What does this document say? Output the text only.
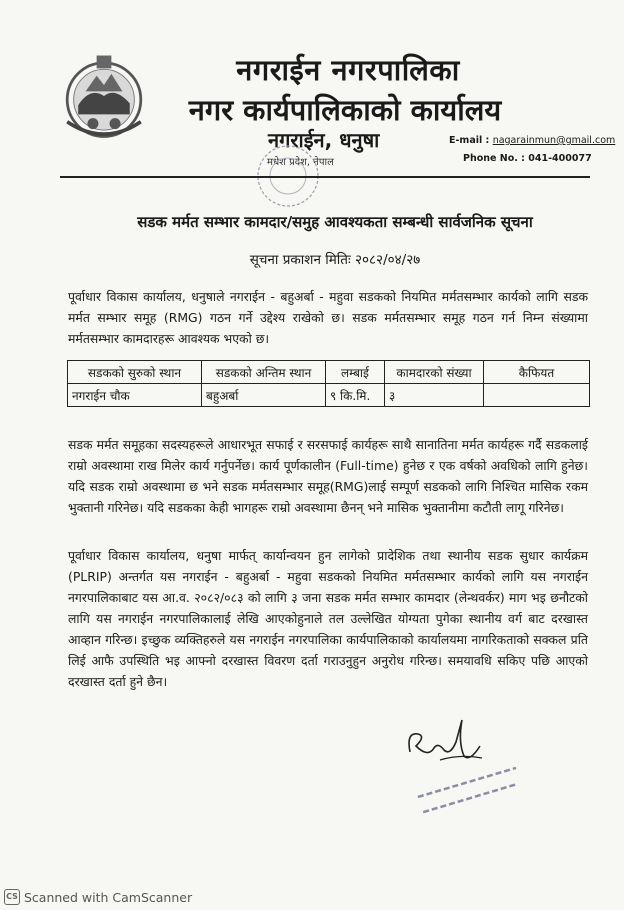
नगराईन नगरपालिका
नगर कार्यपालिकाको कार्यालय
नगराईन, धनुषा
मधेश प्रदेश, नेपाल
E-mail : nagarainmun@gmail.com
Phone No. : 041-400077
सडक मर्मत सम्भार कामदार/समुह आवश्यकता सम्बन्धी सार्वजनिक सूचना
सूचना प्रकाशन मितिः २०८२/०४/२७
पूर्वाधार विकास कार्यालय, धनुषाले नगराईन - बहुअर्बा - महुवा सडकको नियमित मर्मतसम्भार कार्यको लागि सडक मर्मत सम्भार समूह (RMG) गठन गर्ने उद्देश्य राखेको छ। सडक मर्मतसम्भार समूह गठन गर्न निम्न संख्यामा मर्मतसम्भार कामदारहरू आवश्यक भएको छ।
सडकको सुरुको स्थान	सडकको अन्तिम स्थान	लम्बाई	कामदारको संख्या	कैफियत
नगराईन चौक	बहुअर्बा	९ कि.मि.	३	
सडक मर्मत समूहका सदस्यहरूले आधारभूत सफाई र सरसफाई कार्यहरू साथै सानातिना मर्मत कार्यहरू गर्दै सडकलाई राम्रो अवस्थामा राख मिलेर कार्य गर्नुपर्नेछ। कार्य पूर्णकालीन (Full-time) हुनेछ र एक वर्षको अवधिको लागि हुनेछ। यदि सडक राम्रो अवस्थामा छ भने सडक मर्मतसम्भार समूह(RMG)लाई सम्पूर्ण सडकको लागि निश्चित मासिक रकम भुक्तानी गरिनेछ। यदि सडकका केही भागहरू राम्रो अवस्थामा छैनन् भने मासिक भुक्तानीमा कटौती लागू गरिनेछ।
पूर्वाधार विकास कार्यालय, धनुषा मार्फत् कार्यान्वयन हुन लागेको प्रादेशिक तथा स्थानीय सडक सुधार कार्यक्रम (PLRIP) अन्तर्गत यस नगराईन - बहुअर्बा - महुवा सडकको नियमित मर्मतसम्भार कार्यको लागि यस नगराईन नगरपालिकाबाट यस आ.व. २०८२/०८३ को लागि ३ जना सडक मर्मत सम्भार कामदार (लेन्थवर्कर) माग भइ छनौटको लागि यस नगराईन नगरपालिकालाई लेखि आएकोहुनाले तल उल्लेखित योग्यता पुगेका स्थानीय वर्ग बाट दरखास्त आव्हान गरिन्छ। इच्छुक व्यक्तिहरुले यस नगराईन नगरपालिका कार्यपालिकाको कार्यालयमा नागरिकताको सक्कल प्रति लिई आफै उपस्थिति भइ आफ्नो दरखास्त विवरण दर्ता गराउनुहुन अनुरोध गरिन्छ। समयावधि सकिए पछि आएको दरखास्त दर्ता हुने छैन।
CS Scanned with CamScanner
